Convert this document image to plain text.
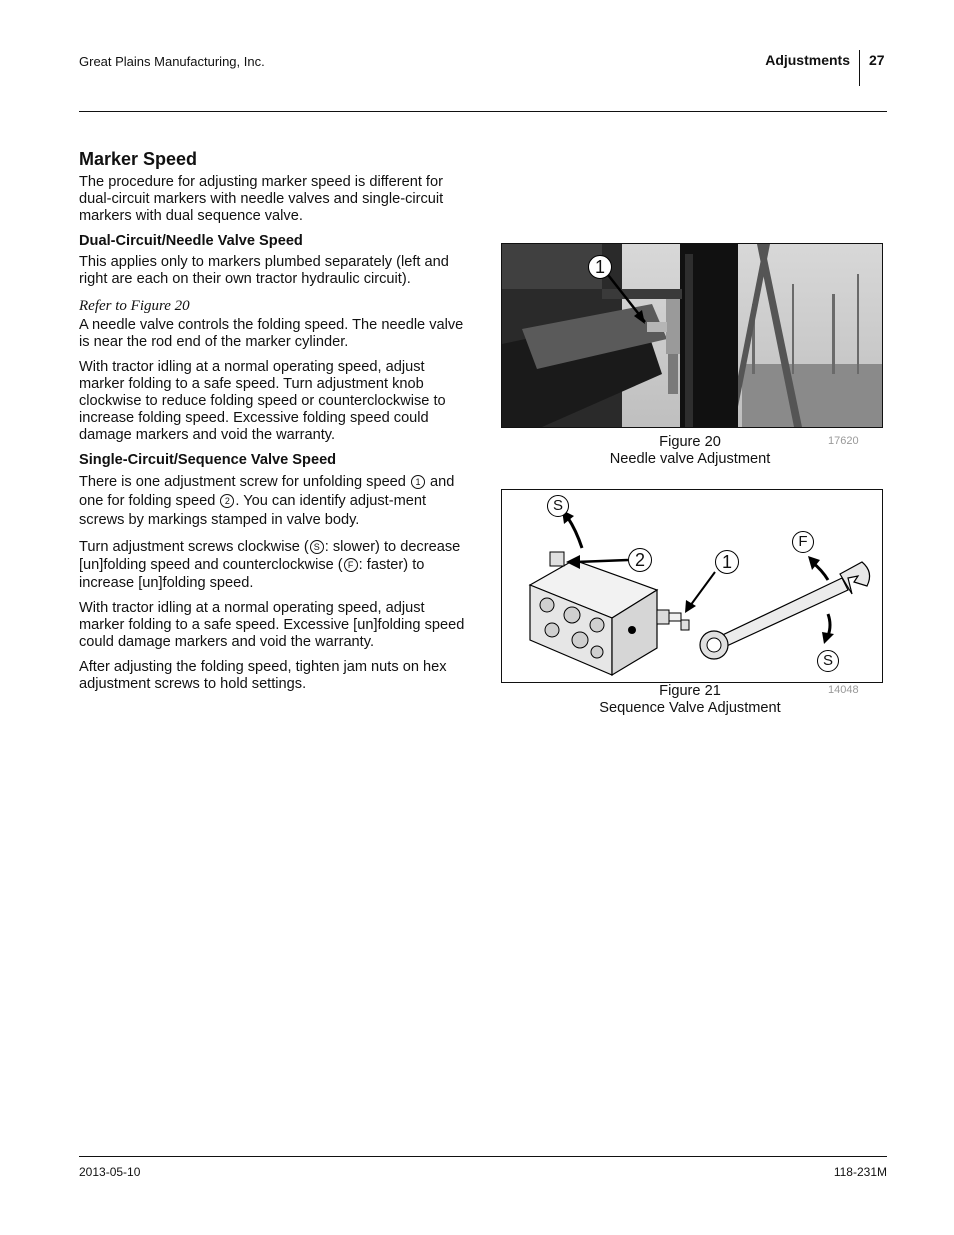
Great Plains Manufacturing, Inc.	Adjustments 27
Marker Speed

The procedure for adjusting marker speed is different for dual-circuit markers with needle valves and single-circuit markers with dual sequence valve.

Dual-Circuit/Needle Valve Speed

This applies only to markers plumbed separately (left and right are each on their own tractor hydraulic circuit).

Refer to Figure 20

A needle valve controls the folding speed. The needle valve is near the rod end of the marker cylinder.

With tractor idling at a normal operating speed, adjust marker folding to a safe speed. Turn adjustment knob clockwise to reduce folding speed or counterclockwise to increase folding speed. Excessive folding speed could damage markers and void the warranty.

Single-Circuit/Sequence Valve Speed

There is one adjustment screw for unfolding speed 1 and one for folding speed 2 . You can identify adjust-ment screws by markings stamped in valve body.

Turn adjustment screws clockwise ( S : slower) to decrease [un]folding speed and counterclockwise ( F : faster) to increase [un]folding speed.

With tractor idling at a normal operating speed, adjust marker folding to a safe speed. Excessive [un]folding speed could damage markers and void the warranty.

After adjusting the folding speed, tighten jam nuts on hex adjustment screws to hold settings.

1
Figure 20
Needle valve Adjustment
17620
S
2	1
F
S
Figure 21
Sequence Valve Adjustment
14048
2013-05-10	118-231M
